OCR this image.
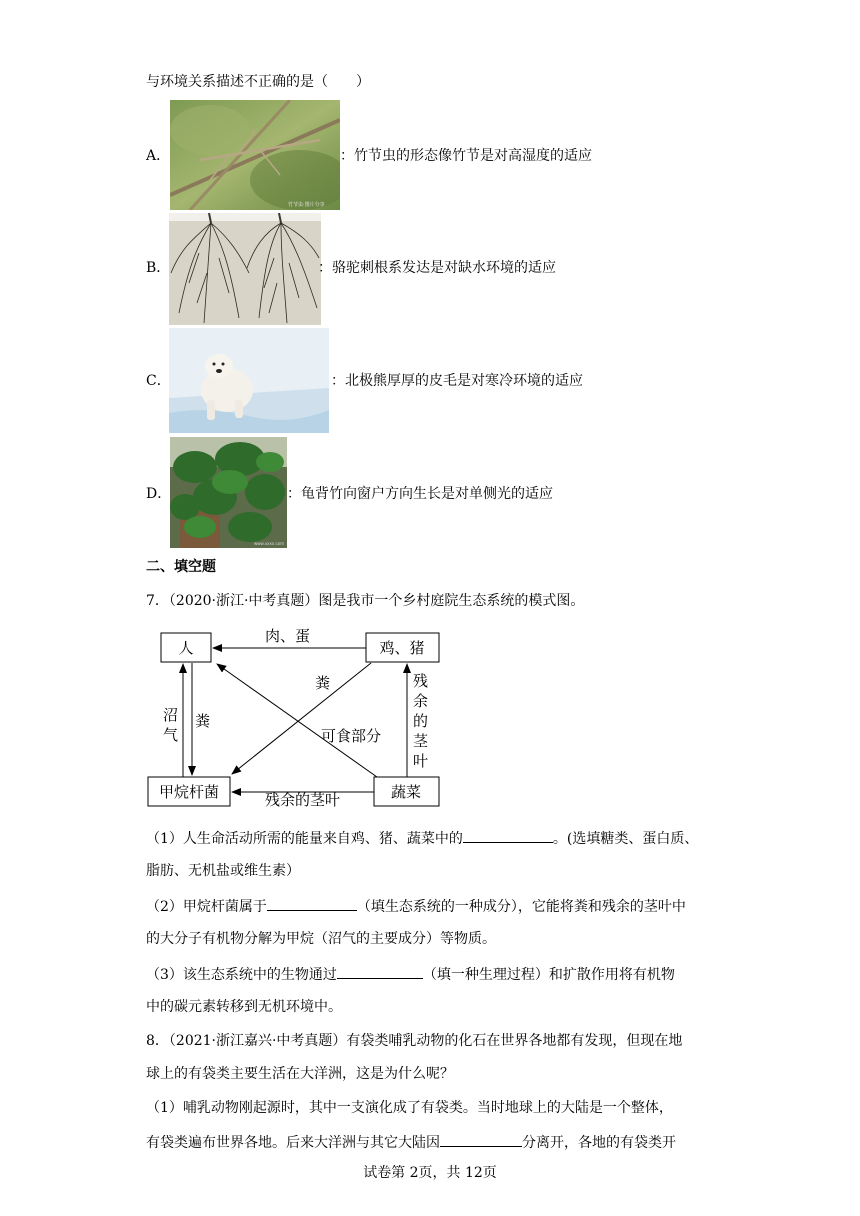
与环境关系描述不正确的是（　　）
竹节虫·图片分享
A．	：竹节虫的形态像竹节是对高湿度的适应
B．	：骆驼刺根系发达是对缺水环境的适应
C．	：北极熊厚厚的皮毛是对寒冷环境的适应
www.xxxx.com
D．	：龟背竹向窗户方向生长是对单侧光的适应
二、填空题
7．（2020·浙江·中考真题）图是我市一个乡村庭院生态系统的模式图。
人	鸡、猪
甲烷杆菌	蔬菜
肉、蛋
粪
可食部分
残余的茎叶
沼
气
粪
残
余
的
茎
叶
（1）人生命活动所需的能量来自鸡、猪、蔬菜中的	。(选填糖类、蛋白质、
脂肪、无机盐或维生素）
（2）甲烷杆菌属于	（填生态系统的一种成分），它能将粪和残余的茎叶中
的大分子有机物分解为甲烷（沼气的主要成分）等物质。
（3）该生态系统中的生物通过	（填一种生理过程）和扩散作用将有机物
中的碳元素转移到无机环境中。
8．（2021·浙江嘉兴·中考真题）有袋类哺乳动物的化石在世界各地都有发现，但现在地
球上的有袋类主要生活在大洋洲，这是为什么呢？
（1）哺乳动物刚起源时，其中一支演化成了有袋类。当时地球上的大陆是一个整体，
有袋类遍布世界各地。后来大洋洲与其它大陆因	分离开，各地的有袋类开
试卷第 2页，共 12页
